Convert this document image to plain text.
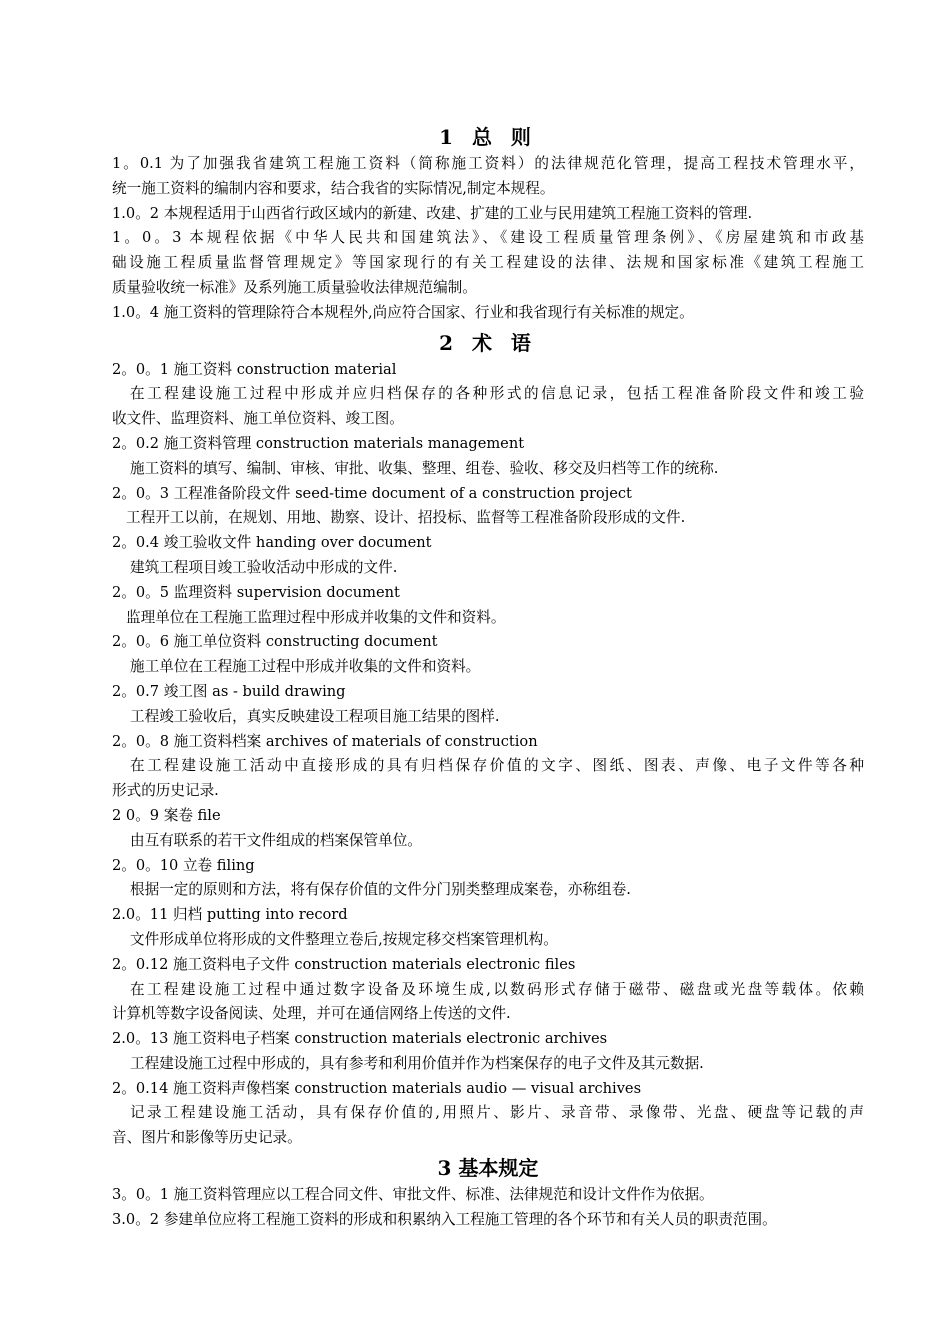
1 总 则
1。0.1 为了加强我省建筑工程施工资料（简称施工资料）的法律规范化管理，提高工程技术管理水平，
统一施工资料的编制内容和要求，结合我省的实际情况,制定本规程。
1.0。2 本规程适用于山西省行政区域内的新建、改建、扩建的工业与民用建筑工程施工资料的管理.
1。0。3 本规程依据《中华人民共和国建筑法》、《建设工程质量管理条例》、《房屋建筑和市政基
础设施工程质量监督管理规定》等国家现行的有关工程建设的法律、法规和国家标准《建筑工程施工
质量验收统一标准》及系列施工质量验收法律规范编制。
1.0。4 施工资料的管理除符合本规程外,尚应符合国家、行业和我省现行有关标准的规定。
2 术 语
2。0。1 施工资料 construction material
在工程建设施工过程中形成并应归档保存的各种形式的信息记录，包括工程准备阶段文件和竣工验
收文件、监理资料、施工单位资料、竣工图。
2。0.2 施工资料管理 construction materials management
施工资料的填写、编制、审核、审批、收集、整理、组卷、验收、移交及归档等工作的统称.
2。0。3 工程准备阶段文件 seed-time document of a construction project
工程开工以前，在规划、用地、勘察、设计、招投标、监督等工程准备阶段形成的文件.
2。0.4 竣工验收文件 handing over document
建筑工程项目竣工验收活动中形成的文件.
2。0。5 监理资料 supervision document
监理单位在工程施工监理过程中形成并收集的文件和资料。
2。0。6 施工单位资料 constructing document
施工单位在工程施工过程中形成并收集的文件和资料。
2。0.7 竣工图 as - build drawing
工程竣工验收后，真实反映建设工程项目施工结果的图样.
2。0。8 施工资料档案 archives of materials of construction
在工程建设施工活动中直接形成的具有归档保存价值的文字、图纸、图表、声像、电子文件等各种
形式的历史记录.
2 0。9 案卷 file
由互有联系的若干文件组成的档案保管单位。
2。0。10 立卷 filing
根据一定的原则和方法，将有保存价值的文件分门别类整理成案卷，亦称组卷.
2.0。11 归档 putting into record
文件形成单位将形成的文件整理立卷后,按规定移交档案管理机构。
2。0.12 施工资料电子文件 construction materials electronic files
在工程建设施工过程中通过数字设备及环境生成,以数码形式存储于磁带、磁盘或光盘等载体。依赖
计算机等数字设备阅读、处理，并可在通信网络上传送的文件.
2.0。13 施工资料电子档案 construction materials electronic archives
工程建设施工过程中形成的，具有参考和利用价值并作为档案保存的电子文件及其元数据.
2。0.14 施工资料声像档案 construction materials audio — visual archives
记录工程建设施工活动，具有保存价值的,用照片、影片、录音带、录像带、光盘、硬盘等记载的声
音、图片和影像等历史记录。
3 基本规定
3。0。1 施工资料管理应以工程合同文件、审批文件、标准、法律规范和设计文件作为依据。
3.0。2 参建单位应将工程施工资料的形成和积累纳入工程施工管理的各个环节和有关人员的职责范围。
